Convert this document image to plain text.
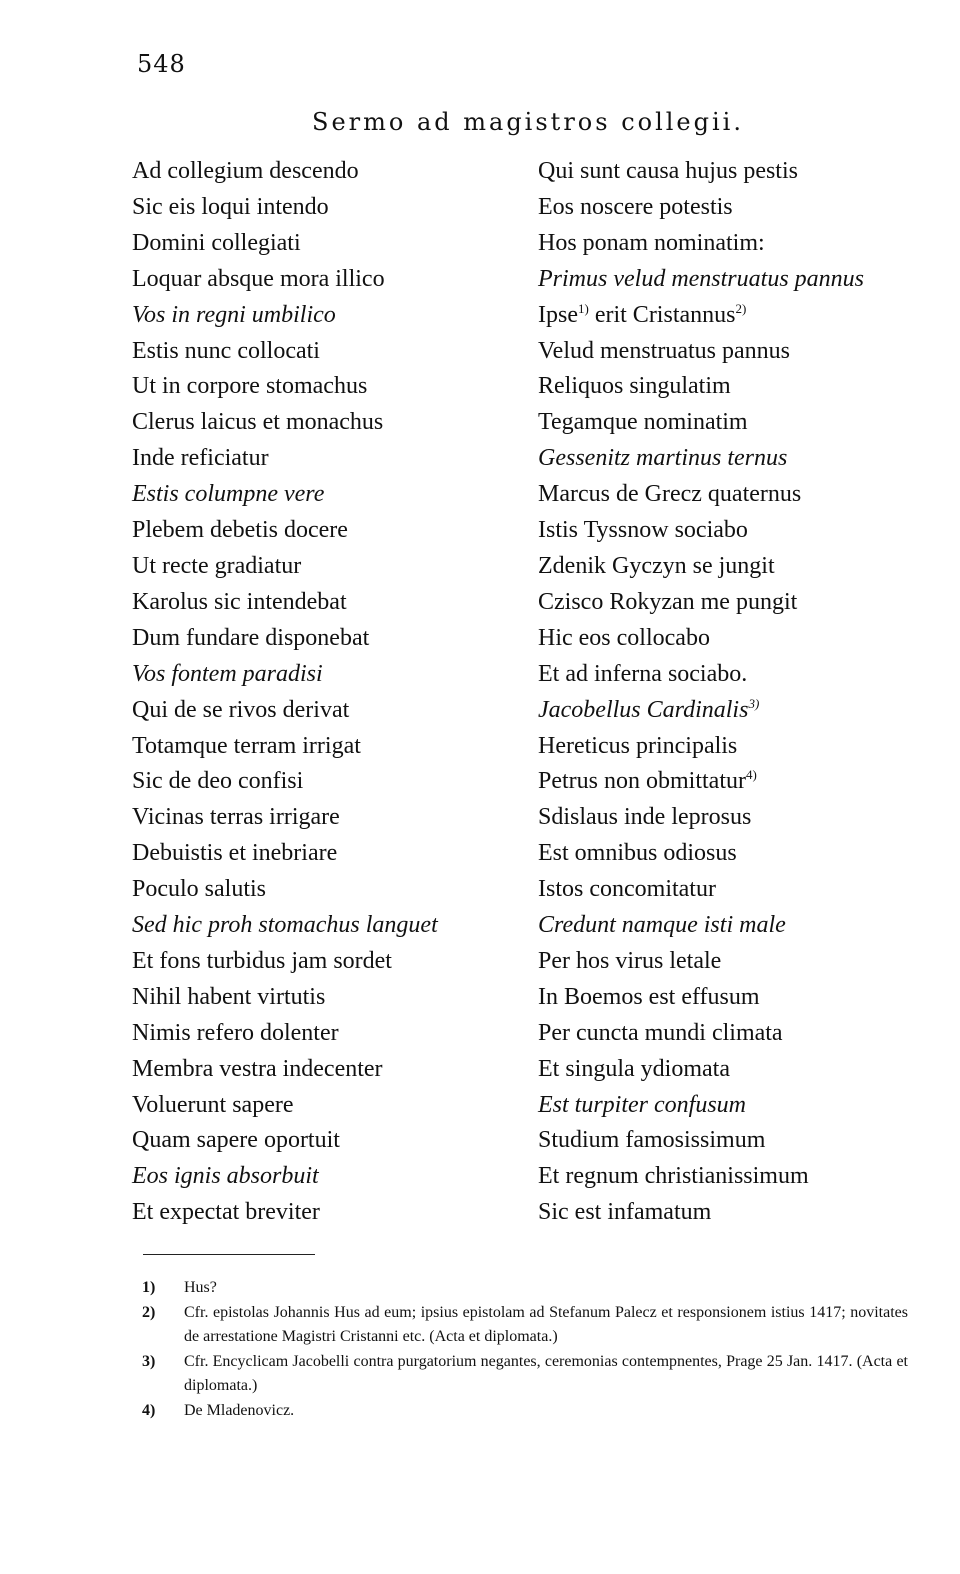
548
Sermo ad magistros collegii.
Ad collegium descendo
Sic eis loqui intendo
Domini collegiati
Loquar absque mora illico
Vos in regni umbilico
Estis nunc collocati
Ut in corpore stomachus
Clerus laicus et monachus
Inde reficiatur
Estis columpne vere
Plebem debetis docere
Ut recte gradiatur
Karolus sic intendebat
Dum fundare disponebat
Vos fontem paradisi
Qui de se rivos derivat
Totamque terram irrigat
Sic de deo confisi
Vicinas terras irrigare
Debuistis et inebriare
Poculo salutis
Sed hic proh stomachus languet
Et fons turbidus jam sordet
Nihil habent virtutis
Nimis refero dolenter
Membra vestra indecenter
Voluerunt sapere
Quam sapere oportuit
Eos ignis absorbuit
Et expectat breviter
Qui sunt causa hujus pestis
Eos noscere potestis
Hos ponam nominatim:
Primus velud menstruatus pannus
Ipse$^{1)}$ erit Cristannus$^{2)}$
Velud menstruatus pannus
Reliquos singulatim
Tegamque nominatim
Gessenitz martinus ternus
Marcus de Grecz quaternus
Istis Tyssnow sociabo
Zdenik Gyczyn se jungit
Czisco Rokyzan me pungit
Hic eos collocabo
Et ad inferna sociabo.
Jacobellus Cardinalis$^{3)}$
Hereticus principalis
Petrus non obmittatur$^{4)}$
Sdislaus inde leprosus
Est omnibus odiosus
Istos concomitatur
Credunt namque isti male
Per hos virus letale
In Boemos est effusum
Per cuncta mundi climata
Et singula ydiomata
Est turpiter confusum
Studium famosissimum
Et regnum christianissimum
Sic est infamatum
1)	Hus?
2)	Cfr. epistolas Johannis Hus ad eum; ipsius epistolam ad Stefanum Palecz et responsionem istius 1417; novitates de arrestatione Magistri Cristanni etc. (Acta et diplomata.)
3)	Cfr. Encyclicam Jacobelli contra purgatorium negantes, ceremonias contempnentes, Prage 25 Jan. 1417. (Acta et diplomata.)
4)	De Mladenovicz.
